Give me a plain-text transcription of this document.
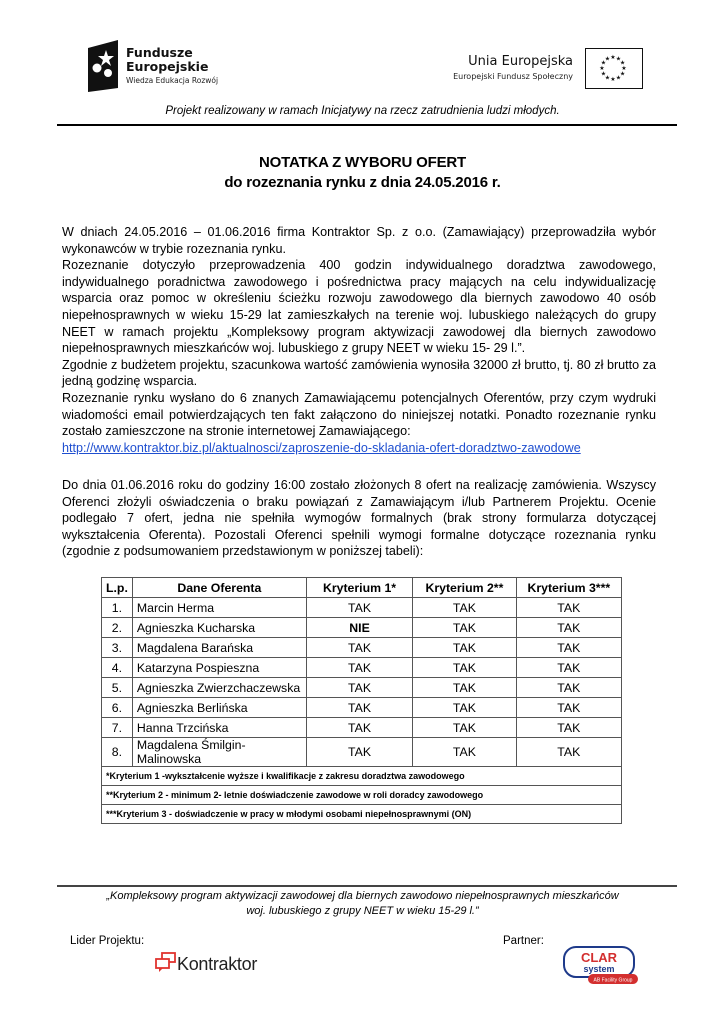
Fundusze
Europejskie
Wiedza Edukacja Rozwój
Unia Europejska
Europejski Fundusz Społeczny
★ ★
★
★
★
★
★
★
★
★
★
★
Projekt realizowany w ramach Inicjatywy na rzecz zatrudnienia ludzi młodych.
NOTATKA Z WYBORU OFERT
do rozeznania rynku z dnia 24.05.2016 r.

W dniach 24.05.2016 – 01.06.2016 firma Kontraktor Sp. z o.o. (Zamawiający) przeprowadziła wybór wykonawców w trybie rozeznania rynku.

Rozeznanie dotyczyło przeprowadzenia 400 godzin indywidualnego doradztwa zawodowego, indywidualnego poradnictwa zawodowego i pośrednictwa pracy mających na celu indywidualizację wsparcia oraz pomoc w określeniu ścieżku rozwoju zawodowego dla biernych zawodowo 40 osób niepełnosprawnych w wieku 15-29 lat zamieszkałych na terenie woj. lubuskiego należących do grupy NEET w ramach projektu „Kompleksowy program aktywizacji zawodowej dla biernych zawodowo niepełnosprawnych mieszkańców woj. lubuskiego z grupy NEET w wieku 15- 29 l.”.

Zgodnie z budżetem projektu, szacunkowa wartość zamówienia wynosiła 32000 zł brutto, tj. 80 zł brutto za jedną godzinę wsparcia.

Rozeznanie rynku wysłano do 6 znanych Zamawiającemu potencjalnych Oferentów, przy czym wydruki wiadomości email potwierdzających ten fakt załączono do niniejszej notatki. Ponadto rozeznanie rynku zostało zamieszczone na stronie internetowej Zamawiającego:

http://www.kontraktor.biz.pl/aktualnosci/zaproszenie-do-skladania-ofert-doradztwo-zawodowe

Do dnia 01.06.2016 roku do godziny 16:00 zostało złożonych 8 ofert na realizację zamówienia. Wszyscy Oferenci złożyli oświadczenia o braku powiązań z Zamawiającym i/lub Partnerem Projektu. Ocenie podlegało 7 ofert, jedna nie spełniła wymogów formalnych (brak strony formularza dotyczącej wykształcenia Oferenta). Pozostali Oferenci spełnili wymogi formalne dotyczące rozeznania rynku (zgodnie z podsumowaniem przedstawionym w poniższej tabeli):

L.p.	Dane Oferenta	Kryterium 1*	Kryterium 2**	Kryterium 3***
1.	Marcin Herma	TAK	TAK	TAK
2.	Agnieszka Kucharska	NIE	TAK	TAK
3.	Magdalena Barańska	TAK	TAK	TAK
4.	Katarzyna Pospieszna	TAK	TAK	TAK
5.	Agnieszka Zwierzchaczewska	TAK	TAK	TAK
6.	Agnieszka Berlińska	TAK	TAK	TAK
7.	Hanna Trzcińska	TAK	TAK	TAK
8.	Magdalena Śmilgin-Malinowska	TAK	TAK	TAK
*Kryterium 1 -wykształcenie wyższe i kwalifikacje z zakresu doradztwa zawodowego				
**Kryterium 2 - minimum 2- letnie doświadczenie zawodowe w roli doradcy zawodowego				
***Kryterium 3 - doświadczenie w pracy w młodymi osobami niepełnosprawnymi (ON)				
„Kompleksowy program aktywizacji zawodowej dla biernych zawodowo niepełnosprawnych mieszkańców
woj. lubuskiego z grupy NEET w wieku 15-29 l.”
Lider Projektu:	Partner:
Kontraktor	CLAR
system
AB Facility Group
